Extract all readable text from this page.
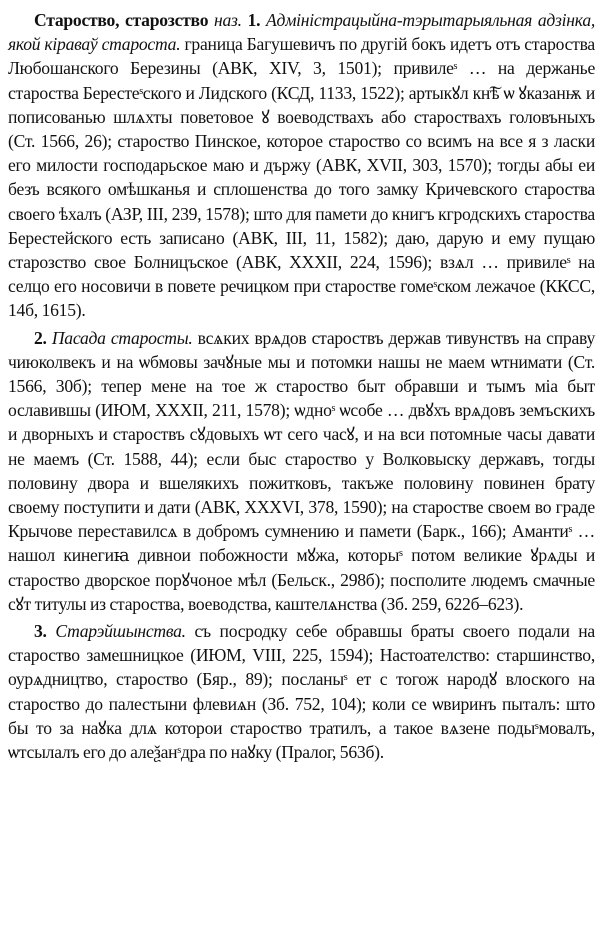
Староство, старозство наз. 1. Адміністрацыйна-тэрытарыяльная адзінка, якой кіраваў староста. граница Багушевичъ по другій бокъ идетъ отъ староства Любошанского Березины (АВК, XIV, 3, 1501); привилеˢ … на держанье староства Берестеˢского и Лидского (КСД, 1133, 1522); артыкꙋл кн͠ѣ ѡ ꙋказанѭ и пописованью шлѧхты поветовое ꙋ воеводствахъ або староствахъ головъныхъ (Ст. 1566, 26); староство Пинское, которое староство со всимъ на все я з ласки его милости господарьское маю и държу (АВК, XVII, 303, 1570); тогды абы еи безъ всякого омѣшканья и сплошенства до того замку Кричевского староства своего ѣхалъ (АЗР, III, 239, 1578); што для памети до книгъ кгродскихъ староства Берестейского есть записано (АВК, III, 11, 1582); даю, дарую и ему пущаю старозство свое Болницъское (АВК, XXXII, 224, 1596); взѧл … привилеˢ на селцо его носовичи в повете речицком при старостве гомеˢском лежачое (ККСС, 14б, 1615).

2. Пасада старосты. всѧких врѧдов староствъ держав тивунствъ на справу чиюколвекъ и на ѡбмовы зачꙋные мы и потомки нашы не маем ѡтнимати (Ст. 1566, 30б); тепер мене на тое ж староство быт обравши и тымъ міа быт ославившы (ИЮМ, XXXII, 211, 1578); ѡдноˢ ѡсобе … двꙋхъ врѧдовъ земъскихъ и дворныхъ и староствъ сꙋдовыхъ ѡт сего часꙋ, и на вси потомные часы давати не маемъ (Ст. 1588, 44); если быс староство у Волковыску державъ, тогды половину двора и вшелякихъ пожитковъ, такъже половину повинен брату своему поступити и дати (АВК, XXXVI, 378, 1590); на старостве своем во граде Крычове переставилсѧ в добромъ сумнению и памети (Барк., 166); Амантиˢ … нашол кинегиꙗ дивнои побожности мꙋжа, которыˢ потом великие ꙋрѧды и староство дворское порꙋчоное мѣл (Бельск., 298б); посполите людемъ смачные сꙋт титулы из староства, воеводства, каштелѧнства (Зб. 259, 622б–623).

3. Старэйшынства. съ посродку себе обравшы браты своего подали на староство замешницкое (ИЮМ, VIII, 225, 1594); Настоателство: старшинство, оурѧдництво, староство (Бяр., 89); посланыˢ ет с тогож народꙋ влоского на староство до палестыни флевиѧн (Зб. 752, 104); коли се ѡвиринъ пыталъ: што бы то за наꙋка длѧ которои староство тратилъ, а такое вѧзене подыˢмовалъ, ѡтсылалъ его до алеѯанˢдра по наꙋку (Пралог, 563б).
